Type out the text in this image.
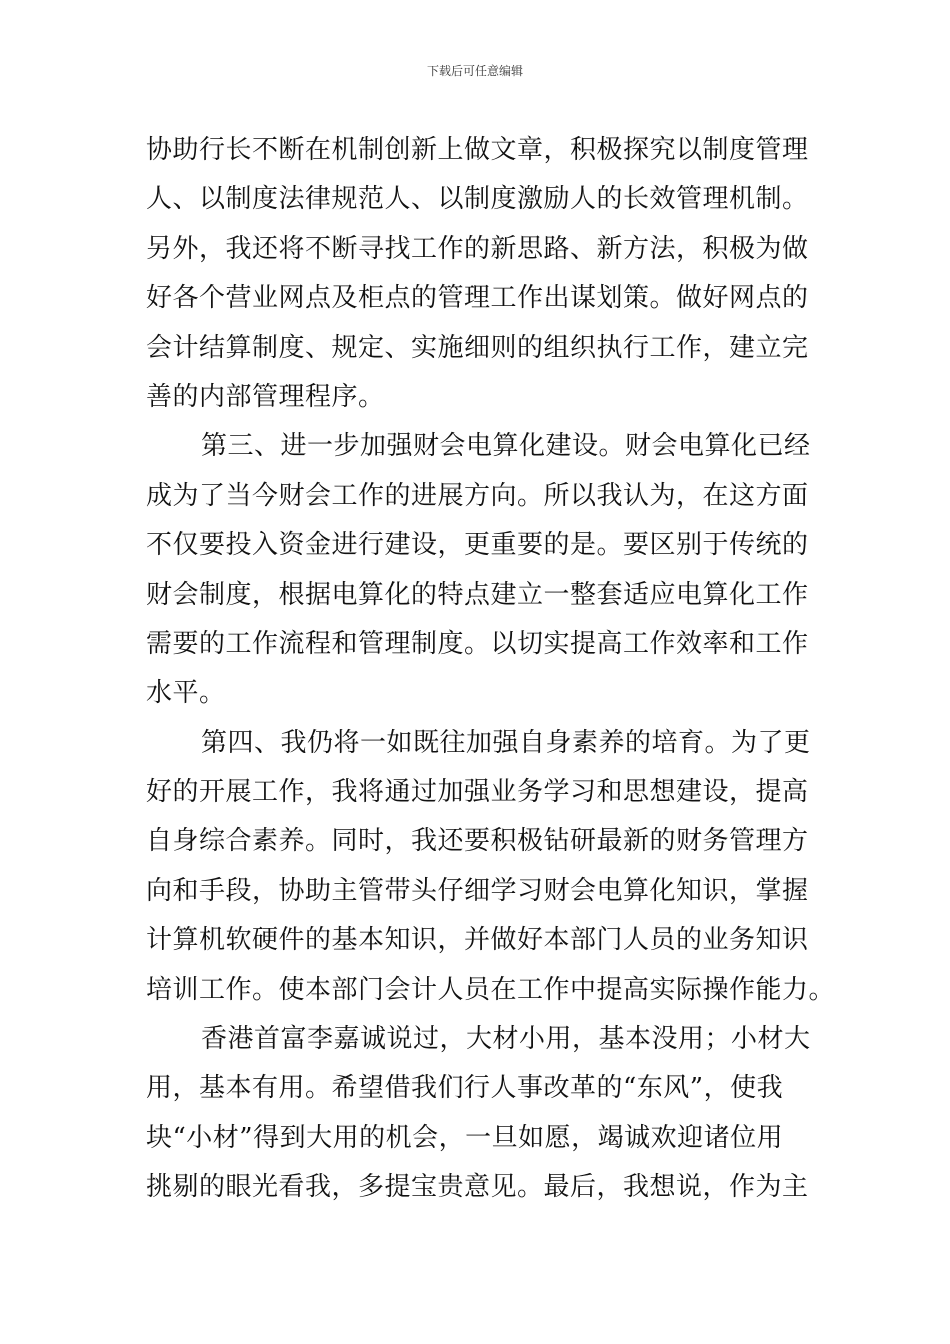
下载后可任意编辑
协助行长不断在机制创新上做文章，积极探究以制度管理
人、以制度法律规范人、以制度激励人的长效管理机制。
另外，我还将不断寻找工作的新思路、新方法，积极为做
好各个营业网点及柜点的管理工作出谋划策。做好网点的
会计结算制度、规定、实施细则的组织执行工作，建立完
善的内部管理程序。
第三、进一步加强财会电算化建设。财会电算化已经
成为了当今财会工作的进展方向。所以我认为，在这方面
不仅要投入资金进行建设，更重要的是。要区别于传统的
财会制度，根据电算化的特点建立一整套适应电算化工作
需要的工作流程和管理制度。以切实提高工作效率和工作
水平。
第四、我仍将一如既往加强自身素养的培育。为了更
好的开展工作，我将通过加强业务学习和思想建设，提高
自身综合素养。同时，我还要积极钻研最新的财务管理方
向和手段，协助主管带头仔细学习财会电算化知识，掌握
计算机软硬件的基本知识，并做好本部门人员的业务知识
培训工作。使本部门会计人员在工作中提高实际操作能力。
香港首富李嘉诚说过，大材小用，基本没用；小材大
用，基本有用。希望借我们行人事改革的“东风”，使我
块“小材”得到大用的机会，一旦如愿，竭诚欢迎诸位用
挑剔的眼光看我，多提宝贵意见。最后，我想说，作为主
